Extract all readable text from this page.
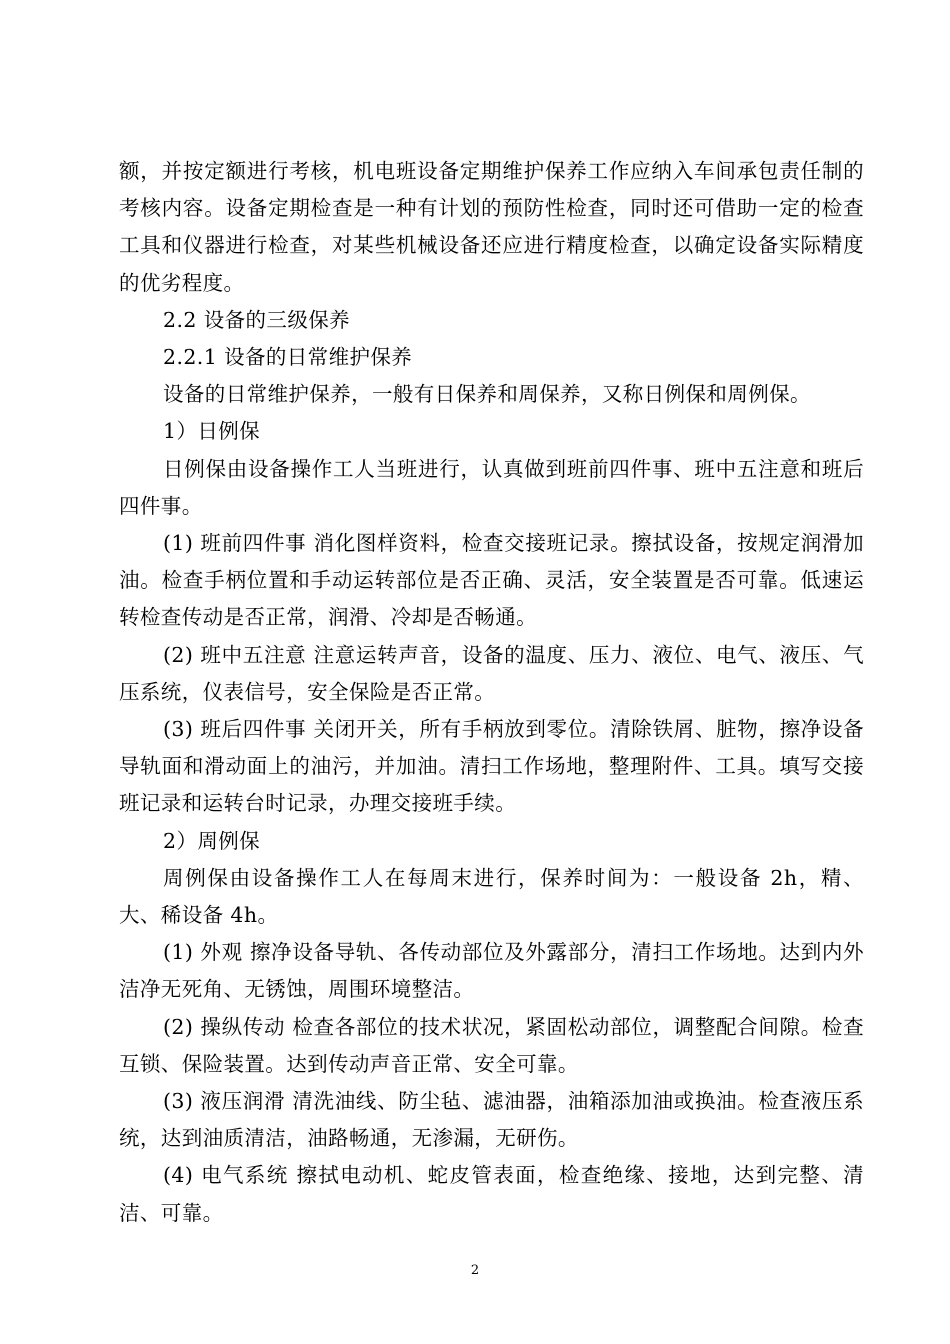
额，并按定额进行考核，机电班设备定期维护保养工作应纳入车间承包责任制的考核内容。设备定期检查是一种有计划的预防性检查，同时还可借助一定的检查工具和仪器进行检查，对某些机械设备还应进行精度检查，以确定设备实际精度的优劣程度。

2.2 设备的三级保养

2.2.1 设备的日常维护保养

设备的日常维护保养，一般有日保养和周保养，又称日例保和周例保。

1）日例保

日例保由设备操作工人当班进行，认真做到班前四件事、班中五注意和班后四件事。

(1) 班前四件事 消化图样资料，检查交接班记录。擦拭设备，按规定润滑加油。检查手柄位置和手动运转部位是否正确、灵活，安全装置是否可靠。低速运转检查传动是否正常，润滑、冷却是否畅通。

(2) 班中五注意 注意运转声音，设备的温度、压力、液位、电气、液压、气压系统，仪表信号，安全保险是否正常。

(3) 班后四件事 关闭开关，所有手柄放到零位。清除铁屑、脏物，擦净设备导轨面和滑动面上的油污，并加油。清扫工作场地，整理附件、工具。填写交接班记录和运转台时记录，办理交接班手续。

2）周例保

周例保由设备操作工人在每周末进行，保养时间为：一般设备 2h，精、大、稀设备 4h。

(1) 外观 擦净设备导轨、各传动部位及外露部分，清扫工作场地。达到内外洁净无死角、无锈蚀，周围环境整洁。

(2) 操纵传动 检查各部位的技术状况，紧固松动部位，调整配合间隙。检查互锁、保险装置。达到传动声音正常、安全可靠。

(3) 液压润滑 清洗油线、防尘毡、滤油器，油箱添加油或换油。检查液压系统，达到油质清洁，油路畅通，无渗漏，无研伤。

(4) 电气系统 擦拭电动机、蛇皮管表面，检查绝缘、接地，达到完整、清洁、可靠。

2
